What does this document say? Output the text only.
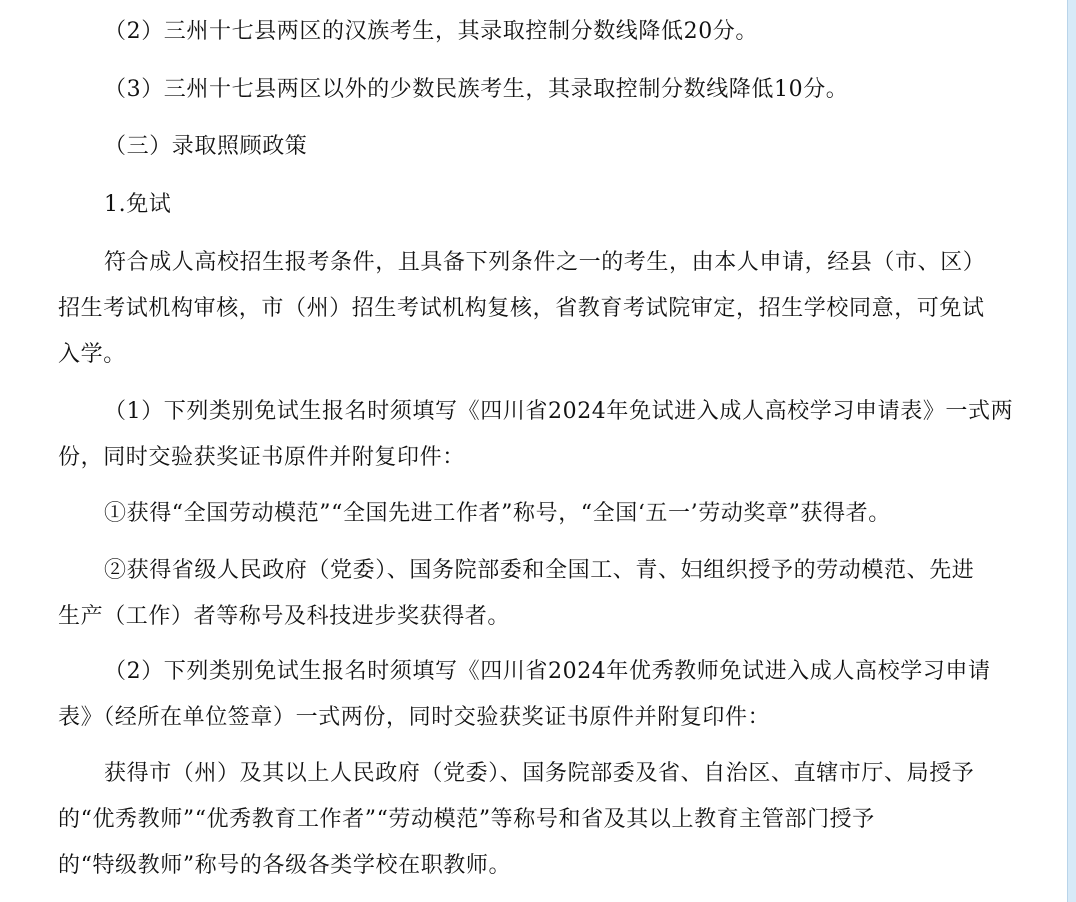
（2）三州十七县两区的汉族考生，其录取控制分数线降低20分。

（3）三州十七县两区以外的少数民族考生，其录取控制分数线降低10分。

（三）录取照顾政策

1.免试

符合成人高校招生报考条件，且具备下列条件之一的考生，由本人申请，经县（市、区）
招生考试机构审核，市（州）招生考试机构复核，省教育考试院审定，招生学校同意，可免试
入学。

（1）下列类别免试生报名时须填写《四川省2024年免试进入成人高校学习申请表》一式两
份，同时交验获奖证书原件并附复印件：

①获得“全国劳动模范”“全国先进工作者”称号，“全国‘五一’劳动奖章”获得者。

②获得省级人民政府（党委）、国务院部委和全国工、青、妇组织授予的劳动模范、先进
生产（工作）者等称号及科技进步奖获得者。

（2）下列类别免试生报名时须填写《四川省2024年优秀教师免试进入成人高校学习申请
表》（经所在单位签章）一式两份，同时交验获奖证书原件并附复印件：

获得市（州）及其以上人民政府（党委）、国务院部委及省、自治区、直辖市厅、局授予
的“优秀教师”“优秀教育工作者”“劳动模范”等称号和省及其以上教育主管部门授予
的“特级教师”称号的各级各类学校在职教师。
